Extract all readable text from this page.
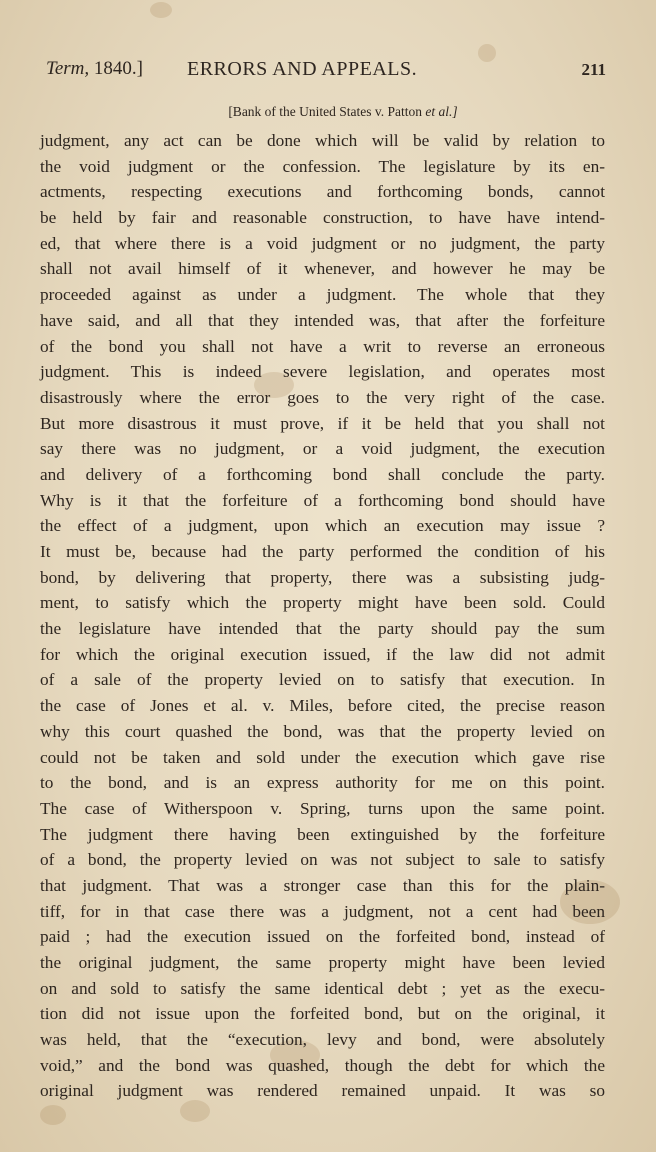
Term, 1840.] ERRORS AND APPEALS.	211
[Bank of the United States v. Patton et al.]
judgment, any act can be done which will be valid by relation to
the void judgment or the confession. The legislature by its en-
actments, respecting executions and forthcoming bonds, cannot
be held by fair and reasonable construction, to have have intend-
ed, that where there is a void judgment or no judgment, the party
shall not avail himself of it whenever, and however he may be
proceeded against as under a judgment. The whole that they
have said, and all that they intended was, that after the forfeiture
of the bond you shall not have a writ to reverse an erroneous
judgment. This is indeed severe legislation, and operates most
disastrously where the error goes to the very right of the case.
But more disastrous it must prove, if it be held that you shall not
say there was no judgment, or a void judgment, the execution
and delivery of a forthcoming bond shall conclude the party.
Why is it that the forfeiture of a forthcoming bond should have
the effect of a judgment, upon which an execution may issue ?
It must be, because had the party performed the condition of his
bond, by delivering that property, there was a subsisting judg-
ment, to satisfy which the property might have been sold. Could
the legislature have intended that the party should pay the sum
for which the original execution issued, if the law did not admit
of a sale of the property levied on to satisfy that execution. In
the case of Jones et al. v. Miles, before cited, the precise reason
why this court quashed the bond, was that the property levied on
could not be taken and sold under the execution which gave rise
to the bond, and is an express authority for me on this point.
The case of Witherspoon v. Spring, turns upon the same point.
The judgment there having been extinguished by the forfeiture
of a bond, the property levied on was not subject to sale to satisfy
that judgment. That was a stronger case than this for the plain-
tiff, for in that case there was a judgment, not a cent had been
paid ; had the execution issued on the forfeited bond, instead of
the original judgment, the same property might have been levied
on and sold to satisfy the same identical debt ; yet as the execu-
tion did not issue upon the forfeited bond, but on the original, it
was held, that the “execution, levy and bond, were absolutely
void,” and the bond was quashed, though the debt for which the
original judgment was rendered remained unpaid. It was so
